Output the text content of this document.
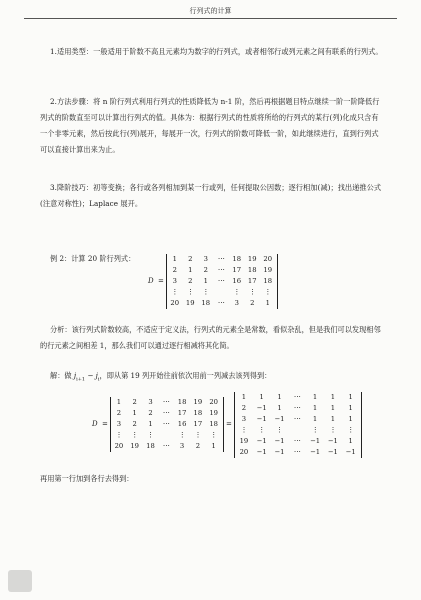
行列式的计算

1.适用类型：一般适用于阶数不高且元素均为数字的行列式，或者相邻行或列元素之间有联系的行列式。

2.方法步骤：将 n 阶行列式利用行列式的性质降低为 n-1 阶，然后再根据题目特点继续一阶一阶降低行列式的阶数直至可以计算出行列式的值。具体为：根据行列式的性质将所给的行列式的某行(列)化成只含有一个非零元素，然后按此行(列)展开，每展开一次，行列式的阶数可降低一阶，如此继续进行，直到行列式可以直接计算出来为止。

3.降阶技巧：初等变换；各行或各列相加到某一行或列，任何提取公因数；逐行相加(减)；找出递推公式(注意对称性)；Laplace 展开。

例 2：计算 20 阶行列式：
D =
1	2	3	⋯	18	19	20
2	1	2	⋯	17	18	19
3	2	1	⋯	16	17	18
⋮	⋮	⋮		⋮	⋮	⋮
20	19	18	⋯	3	2	1

分析：该行列式阶数较高，不适应于定义法，行列式的元素全是常数，看似杂乱，但是我们可以发现相邻的行元素之间相差 1，那么我们可以通过逐行相减将其化简。

解：做 $j_{i+1} - j_i$，即从第 19 列开始往前依次用前一列减去该列得到：
D =
1	2	3	⋯	18	19	20
2	1	2	⋯	17	18	19
3	2	1	⋯	16	17	18
⋮	⋮	⋮		⋮	⋮	⋮
20	19	18	⋯	3	2	1
=
1	1	1	⋯	1	1	1
2	−1	1	⋯	1	1	1
3	−1	−1	⋯	1	1	1
⋮	⋮	⋮		⋮	⋮	⋮
19	−1	−1	⋯	−1	−1	1
20	−1	−1	⋯	−1	−1	−1
再用第一行加到各行去得到：
